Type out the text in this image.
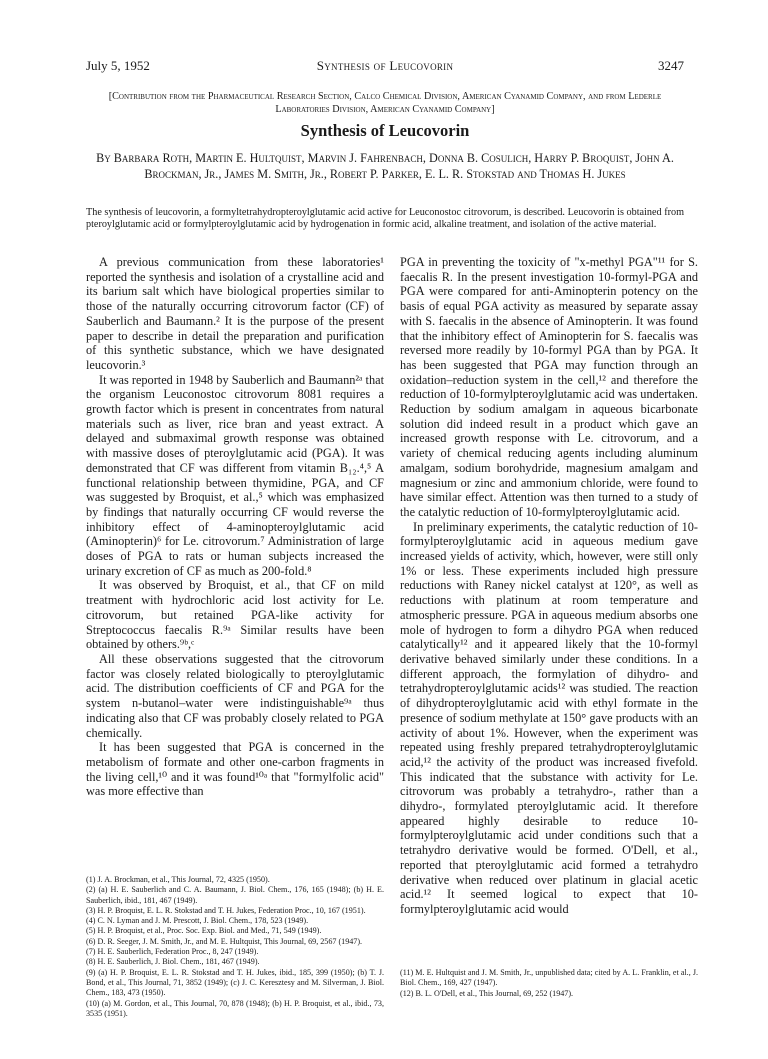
July 5, 1952	Synthesis of Leucovorin	3247
[Contribution from the Pharmaceutical Research Section, Calco Chemical Division, American Cyanamid Company, and from Lederle Laboratories Division, American Cyanamid Company]
Synthesis of Leucovorin
By Barbara Roth, Martin E. Hultquist, Marvin J. Fahrenbach, Donna B. Cosulich, Harry P. Broquist, John A. Brockman, Jr., James M. Smith, Jr., Robert P. Parker, E. L. R. Stokstad and Thomas H. Jukes
The synthesis of leucovorin, a formyltetrahydropteroylglutamic acid active for Leuconostoc citrovorum, is described. Leucovorin is obtained from pteroylglutamic acid or formylpteroylglutamic acid by hydrogenation in formic acid, alkaline treatment, and isolation of the active material.

A previous communication from these laboratories¹ reported the synthesis and isolation of a crystalline acid and its barium salt which have biological properties similar to those of the naturally occurring citrovorum factor (CF) of Sauberlich and Baumann.² It is the purpose of the present paper to describe in detail the preparation and purification of this synthetic substance, which we have designated leucovorin.³

It was reported in 1948 by Sauberlich and Baumann²ᵃ that the organism Leuconostoc citrovorum 8081 requires a growth factor which is present in concentrates from natural materials such as liver, rice bran and yeast extract. A delayed and submaximal growth response was obtained with massive doses of pteroylglutamic acid (PGA). It was demonstrated that CF was different from vitamin B₁₂.⁴,⁵ A functional relationship between thymidine, PGA, and CF was suggested by Broquist, et al.,⁵ which was emphasized by findings that naturally occurring CF would reverse the inhibitory effect of 4-aminopteroylglutamic acid (Aminopterin)⁶ for Le. citrovorum.⁷ Administration of large doses of PGA to rats or human subjects increased the urinary excretion of CF as much as 200-fold.⁸

It was observed by Broquist, et al., that CF on mild treatment with hydrochloric acid lost activity for Le. citrovorum, but retained PGA-like activity for Streptococcus faecalis R.⁹ᵃ Similar results have been obtained by others.⁹ᵇ,ᶜ

All these observations suggested that the citrovorum factor was closely related biologically to pteroylglutamic acid. The distribution coefficients of CF and PGA for the system n-butanol–water were indistinguishable⁹ᵃ thus indicating also that CF was probably closely related to PGA chemically.

It has been suggested that PGA is concerned in the metabolism of formate and other one-carbon fragments in the living cell,¹⁰ and it was found¹⁰ᵃ that "formylfolic acid" was more effective than

PGA in preventing the toxicity of "x-methyl PGA"¹¹ for S. faecalis R. In the present investigation 10-formyl-PGA and PGA were compared for anti-Aminopterin potency on the basis of equal PGA activity as measured by separate assay with S. faecalis in the absence of Aminopterin. It was found that the inhibitory effect of Aminopterin for S. faecalis was reversed more readily by 10-formyl PGA than by PGA. It has been suggested that PGA may function through an oxidation–reduction system in the cell,¹² and therefore the reduction of 10-formylpteroylglutamic acid was undertaken. Reduction by sodium amalgam in aqueous bicarbonate solution did indeed result in a product which gave an increased growth response with Le. citrovorum, and a variety of chemical reducing agents including aluminum amalgam, sodium borohydride, magnesium amalgam and magnesium or zinc and ammonium chloride, were found to have similar effect. Attention was then turned to a study of the catalytic reduction of 10-formylpteroylglutamic acid.

In preliminary experiments, the catalytic reduction of 10-formylpteroylglutamic acid in aqueous medium gave increased yields of activity, which, however, were still only 1% or less. These experiments included high pressure reductions with Raney nickel catalyst at 120°, as well as reductions with platinum at room temperature and atmospheric pressure. PGA in aqueous medium absorbs one mole of hydrogen to form a dihydro PGA when reduced catalytically¹² and it appeared likely that the 10-formyl derivative behaved similarly under these conditions. In a different approach, the formylation of dihydro- and tetrahydropteroylglutamic acids¹² was studied. The reaction of dihydropteroylglutamic acid with ethyl formate in the presence of sodium methylate at 150° gave products with an activity of about 1%. However, when the experiment was repeated using freshly prepared tetrahydropteroylglutamic acid,¹² the activity of the product was increased fivefold. This indicated that the substance with activity for Le. citrovorum was probably a tetrahydro-, rather than a dihydro-, formylated pteroylglutamic acid. It therefore appeared highly desirable to reduce 10-formylpteroylglutamic acid under conditions such that a tetrahydro derivative would be formed. O'Dell, et al., reported that pteroylglutamic acid formed a tetrahydro derivative when reduced over platinum in glacial acetic acid.¹² It seemed logical to expect that 10-formylpteroylglutamic acid would

(1) J. A. Brockman, et al., This Journal, 72, 4325 (1950).
(2) (a) H. E. Sauberlich and C. A. Baumann, J. Biol. Chem., 176, 165 (1948); (b) H. E. Sauberlich, ibid., 181, 467 (1949).
(3) H. P. Broquist, E. L. R. Stokstad and T. H. Jukes, Federation Proc., 10, 167 (1951).
(4) C. N. Lyman and J. M. Prescott, J. Biol. Chem., 178, 523 (1949).
(5) H. P. Broquist, et al., Proc. Soc. Exp. Biol. and Med., 71, 549 (1949).
(6) D. R. Seeger, J. M. Smith, Jr., and M. E. Hultquist, This Journal, 69, 2567 (1947).
(7) H. E. Sauberlich, Federation Proc., 8, 247 (1949).
(8) H. E. Sauberlich, J. Biol. Chem., 181, 467 (1949).
(9) (a) H. P. Broquist, E. L. R. Stokstad and T. H. Jukes, ibid., 185, 399 (1950); (b) T. J. Bond, et al., This Journal, 71, 3852 (1949); (c) J. C. Keresztesy and M. Silverman, J. Biol. Chem., 183, 473 (1950).
(10) (a) M. Gordon, et al., This Journal, 70, 878 (1948); (b) H. P. Broquist, et al., ibid., 73, 3535 (1951).
(11) M. E. Hultquist and J. M. Smith, Jr., unpublished data; cited by A. L. Franklin, et al., J. Biol. Chem., 169, 427 (1947).
(12) B. L. O'Dell, et al., This Journal, 69, 252 (1947).
